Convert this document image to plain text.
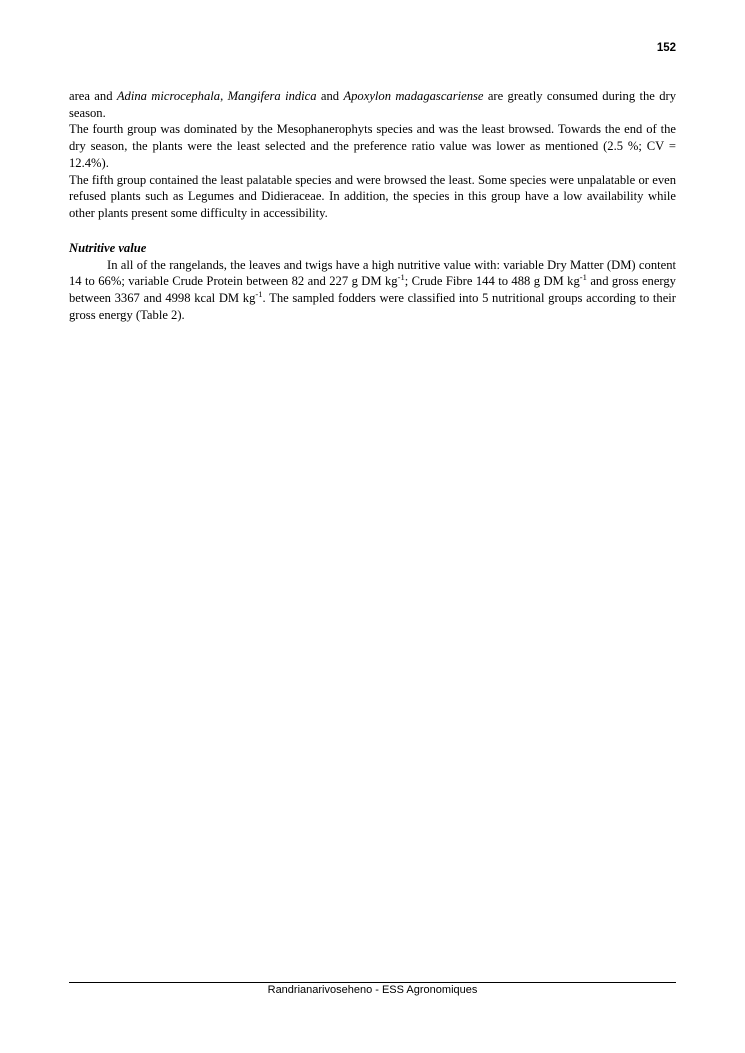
152

area and Adina microcephala, Mangifera indica and Apoxylon madagascariense are greatly consumed during the dry season.

The fourth group was dominated by the Mesophanerophyts species and was the least browsed. Towards the end of the dry season, the plants were the least selected and the preference ratio value was lower as mentioned (2.5 %; CV = 12.4%).

The fifth group contained the least palatable species and were browsed the least. Some species were unpalatable or even refused plants such as Legumes and Didieraceae. In addition, the species in this group have a low availability while other plants present some difficulty in accessibility.

Nutritive value

In all of the rangelands, the leaves and twigs have a high nutritive value with: variable Dry Matter (DM) content 14 to 66%; variable Crude Protein between 82 and 227 g DM $kg^{-1}$; Crude Fibre 144 to 488 g DM $kg^{-1}$ and gross energy between 3367 and 4998 kcal DM $kg^{-1}$. The sampled fodders were classified into 5 nutritional groups according to their gross energy (Table 2).

Randrianarivoseheno - ESS Agronomiques
